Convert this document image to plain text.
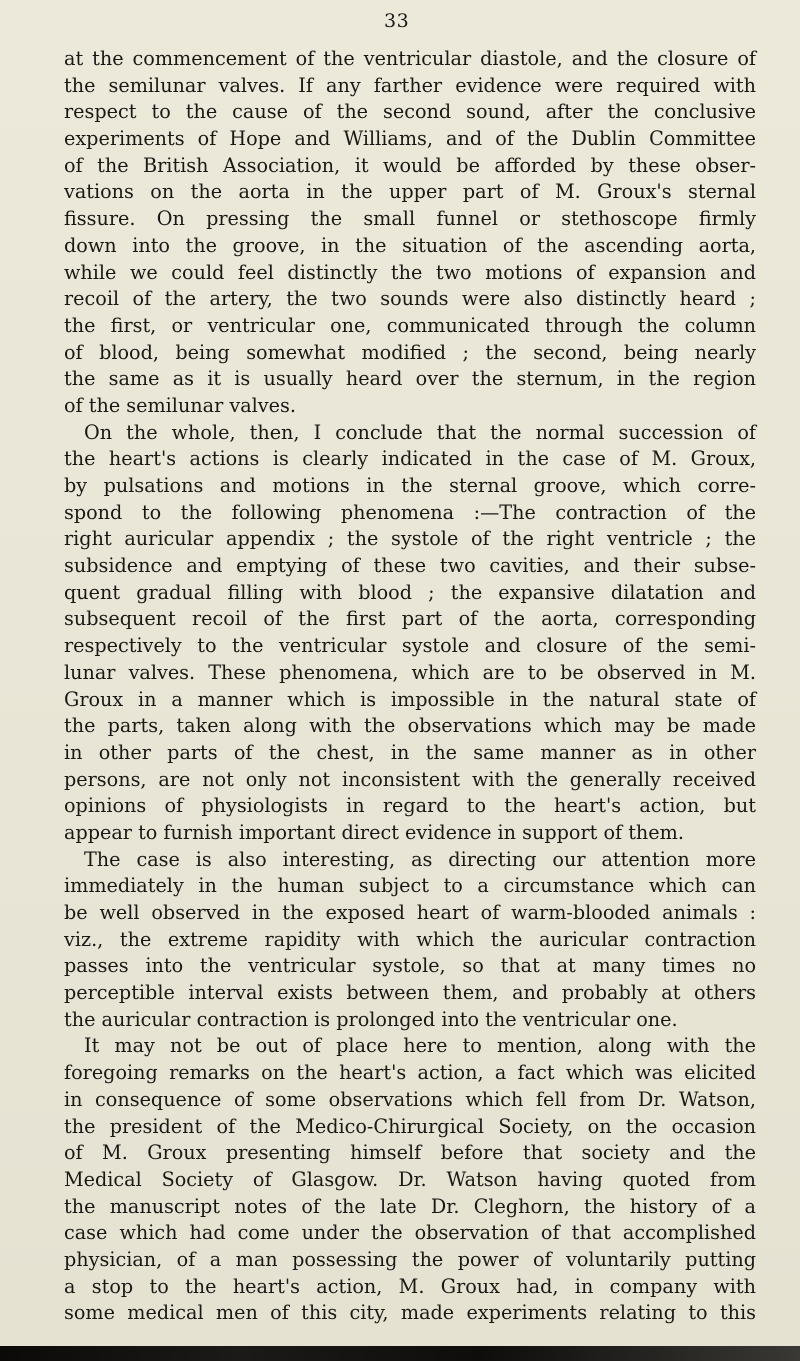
33
at the commencement of the ventricular diastole, and the closure of
the semilunar valves. If any farther evidence were required with
respect to the cause of the second sound, after the conclusive
experiments of Hope and Williams, and of the Dublin Committee
of the British Association, it would be afforded by these obser-
vations on the aorta in the upper part of M. Groux's sternal
fissure. On pressing the small funnel or stethoscope firmly
down into the groove, in the situation of the ascending aorta,
while we could feel distinctly the two motions of expansion and
recoil of the artery, the two sounds were also distinctly heard ;
the first, or ventricular one, communicated through the column
of blood, being somewhat modified ; the second, being nearly
the same as it is usually heard over the sternum, in the region
of the semilunar valves.
On the whole, then, I conclude that the normal succession of
the heart's actions is clearly indicated in the case of M. Groux,
by pulsations and motions in the sternal groove, which corre-
spond to the following phenomena :—The contraction of the
right auricular appendix ; the systole of the right ventricle ; the
subsidence and emptying of these two cavities, and their subse-
quent gradual filling with blood ; the expansive dilatation and
subsequent recoil of the first part of the aorta, corresponding
respectively to the ventricular systole and closure of the semi-
lunar valves. These phenomena, which are to be observed in M.
Groux in a manner which is impossible in the natural state of
the parts, taken along with the observations which may be made
in other parts of the chest, in the same manner as in other
persons, are not only not inconsistent with the generally received
opinions of physiologists in regard to the heart's action, but
appear to furnish important direct evidence in support of them.
The case is also interesting, as directing our attention more
immediately in the human subject to a circumstance which can
be well observed in the exposed heart of warm-blooded animals :
viz., the extreme rapidity with which the auricular contraction
passes into the ventricular systole, so that at many times no
perceptible interval exists between them, and probably at others
the auricular contraction is prolonged into the ventricular one.
It may not be out of place here to mention, along with the
foregoing remarks on the heart's action, a fact which was elicited
in consequence of some observations which fell from Dr. Watson,
the president of the Medico-Chirurgical Society, on the occasion
of M. Groux presenting himself before that society and the
Medical Society of Glasgow. Dr. Watson having quoted from
the manuscript notes of the late Dr. Cleghorn, the history of a
case which had come under the observation of that accomplished
physician, of a man possessing the power of voluntarily putting
a stop to the heart's action, M. Groux had, in company with
some medical men of this city, made experiments relating to this
